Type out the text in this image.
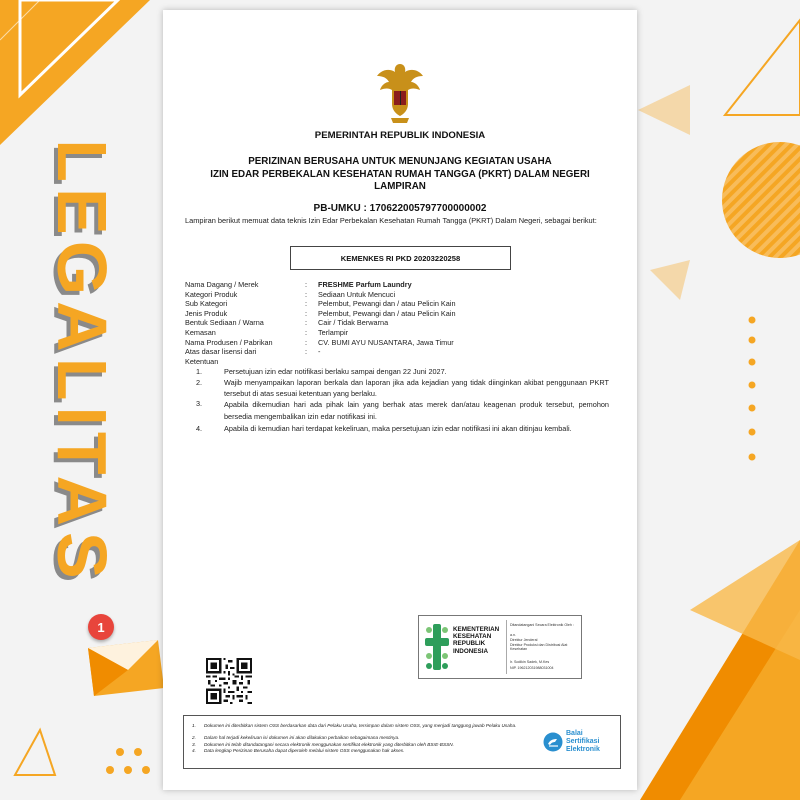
1
LEGALITAS
PEMERINTAH REPUBLIK INDONESIA
PERIZINAN BERUSAHA UNTUK MENUNJANG KEGIATAN USAHA
IZIN EDAR PERBEKALAN KESEHATAN RUMAH TANGGA (PKRT) DALAM NEGERI
LAMPIRAN
PB-UMKU : 170622005797700000002
Lampiran berikut memuat data teknis Izin Edar Perbekalan Kesehatan Rumah Tangga (PKRT) Dalam Negeri, sebagai berikut:
KEMENKES RI PKD 20203220258
Nama Dagang / Merek	: FRESHME Parfum Laundry
Kategori Produk	: Sediaan Untuk Mencuci
Sub Kategori	: Pelembut, Pewangi dan / atau Pelicin Kain
Jenis Produk	: Pelembut, Pewangi dan / atau Pelicin Kain
Bentuk Sediaan / Warna	: Cair / Tidak Berwarna
Kemasan	: Terlampir
Nama Produsen / Pabrikan	: CV. BUMI AYU NUSANTARA, Jawa Timur
Atas dasar lisensi dari	: -
Ketentuan
1.	Persetujuan izin edar notifikasi berlaku sampai dengan 22 Juni 2027.
2.	Wajib menyampaikan laporan berkala dan laporan jika ada kejadian yang tidak diinginkan akibat penggunaan PKRT tersebut di atas sesuai ketentuan yang berlaku.
3.	Apabila dikemudian hari ada pihak lain yang berhak atas merek dan/atau keagenan produk tersebut, pemohon bersedia mengembalikan izin edar notifikasi ini.
4.	Apabila di kemudian hari terdapat kekeliruan, maka persetujuan izin edar notifikasi ini akan ditinjau kembali.
KEMENTERIAN
KESEHATAN
REPUBLIK
INDONESIA
Ditandatangani Secara Elektronik Oleh :
a.n.
Direktur Jenderal
Direktur Produksi dan Distribusi Alat Kesehatan
Ir. Sodikin Sadek, M.Kes
NIP. 196212031988031004
1. Dokumen ini diterbitkan sistem OSS berdasarkan data dari Pelaku Usaha, tersimpan dalam sistem OSS, yang menjadi tanggung jawab Pelaku Usaha.
2. Dalam hal terjadi kekeliruan isi dokumen ini akan dilakukan perbaikan sebagaimana mestinya.
3. Dokumen ini telah ditandatangani secara elektronik menggunakan sertifikat elektronik yang diterbitkan oleh BSrE-BSSN.
4. Data lengkap Perizinan Berusaha dapat diperoleh melalui sistem OSS menggunakan hak akses.
Balai
Sertifikasi
Elektronik
